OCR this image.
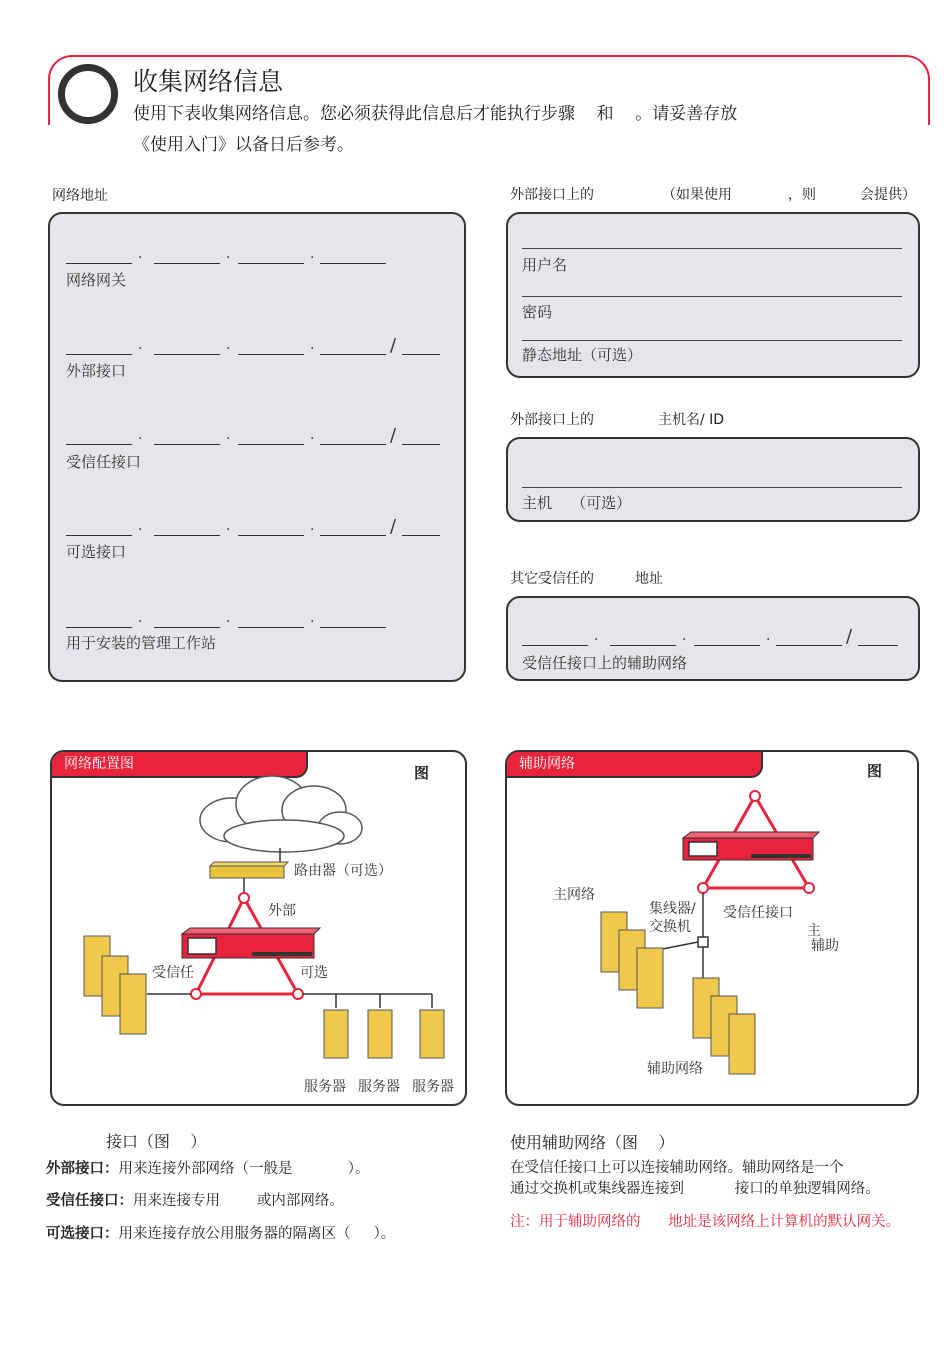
收集网络信息
使用下表收集网络信息。您必须获得此信息后才能执行步骤    和    。请妥善存放
《使用入门》以备日后参考。
网络地址
·	·	·
网络网关
·	·	·	/
外部接口
·	·	·	/
受信任接口
·	·	·	/
可选接口
·	·	·
用于安装的管理工作站
外部接口上的	（如果使用	，则	会提供）
用户名
密码
静态地址（可选）
外部接口上的	主机名/ ID
主机    （可选）
其它受信任的	地址
·	·	·	/
受信任接口上的辅助网络
网络配置图	图
路由器（可选）
外部
受信任	可选
服务器 服务器 服务器
辅助网络	图
主网络
集线器/
交换机
受信任接口
主
辅助
辅助网络
接口（图    ）
外部接口：用来连接外部网络（一般是            ）。
受信任接口：用来连接专用        或内部网络。
可选接口：用来连接存放公用服务器的隔离区（     ）。
使用辅助网络（图    ）
在受信任接口上可以连接辅助网络。辅助网络是一个
通过交换机或集线器连接到           接口的单独逻辑网络。
注：用于辅助网络的      地址是该网络上计算机的默认网关。
